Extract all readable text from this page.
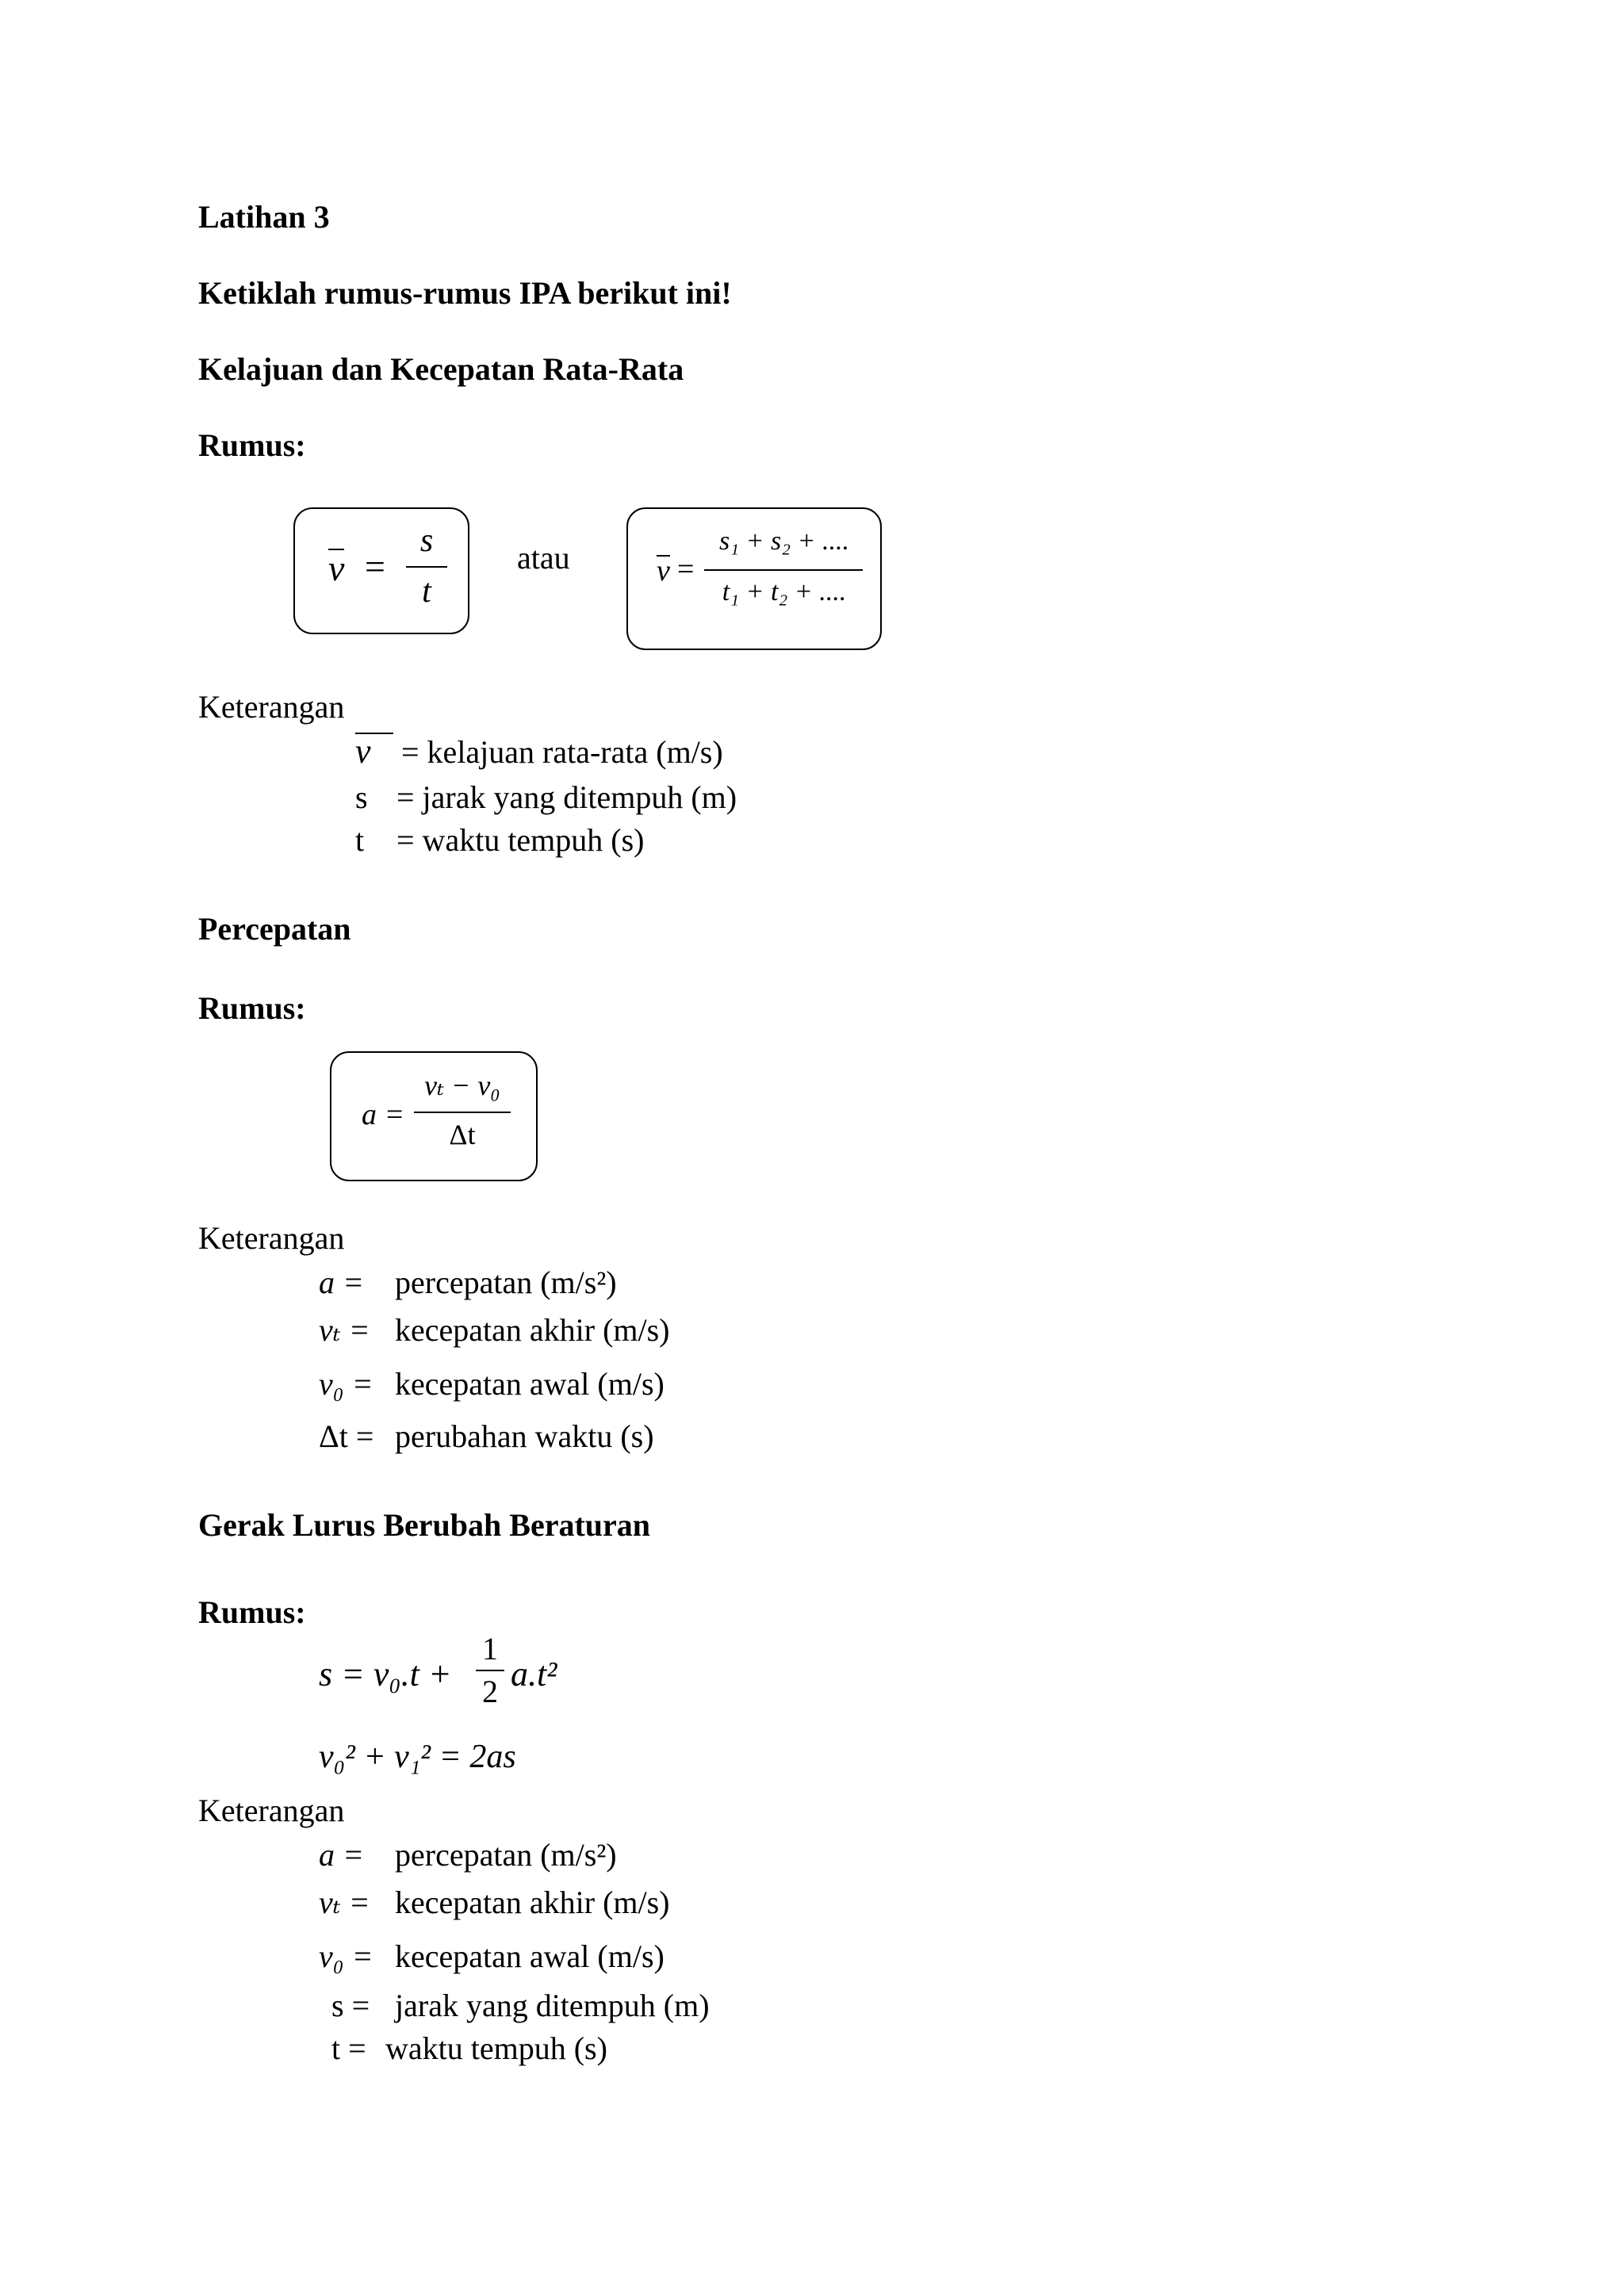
Latihan 3
Ketiklah rumus-rumus IPA berikut ini!
Kelajuan dan Kecepatan Rata-Rata
Rumus:
v =
s
t
atau	v =
s₁ + s₂ + ....
t₁ + t₂ + ....
Keterangan
v = kelajuan rata-rata (m/s)
s = jarak yang ditempuh (m)
t = waktu tempuh (s)
Percepatan
Rumus:
a =
vₜ − v₀
Δt
Keterangan
a = percepatan (m/s²)
vₜ = kecepatan akhir (m/s)
v₀ = kecepatan awal (m/s)
Δt = perubahan waktu (s)
Gerak Lurus Berubah Beraturan
Rumus:
s = v₀.t +
1
2 a.t²
v₀² + v₁² = 2as
Keterangan
a = percepatan (m/s²)
vₜ = kecepatan akhir (m/s)
v₀ = kecepatan awal (m/s)
s = jarak yang ditempuh (m)
t = waktu tempuh (s)
